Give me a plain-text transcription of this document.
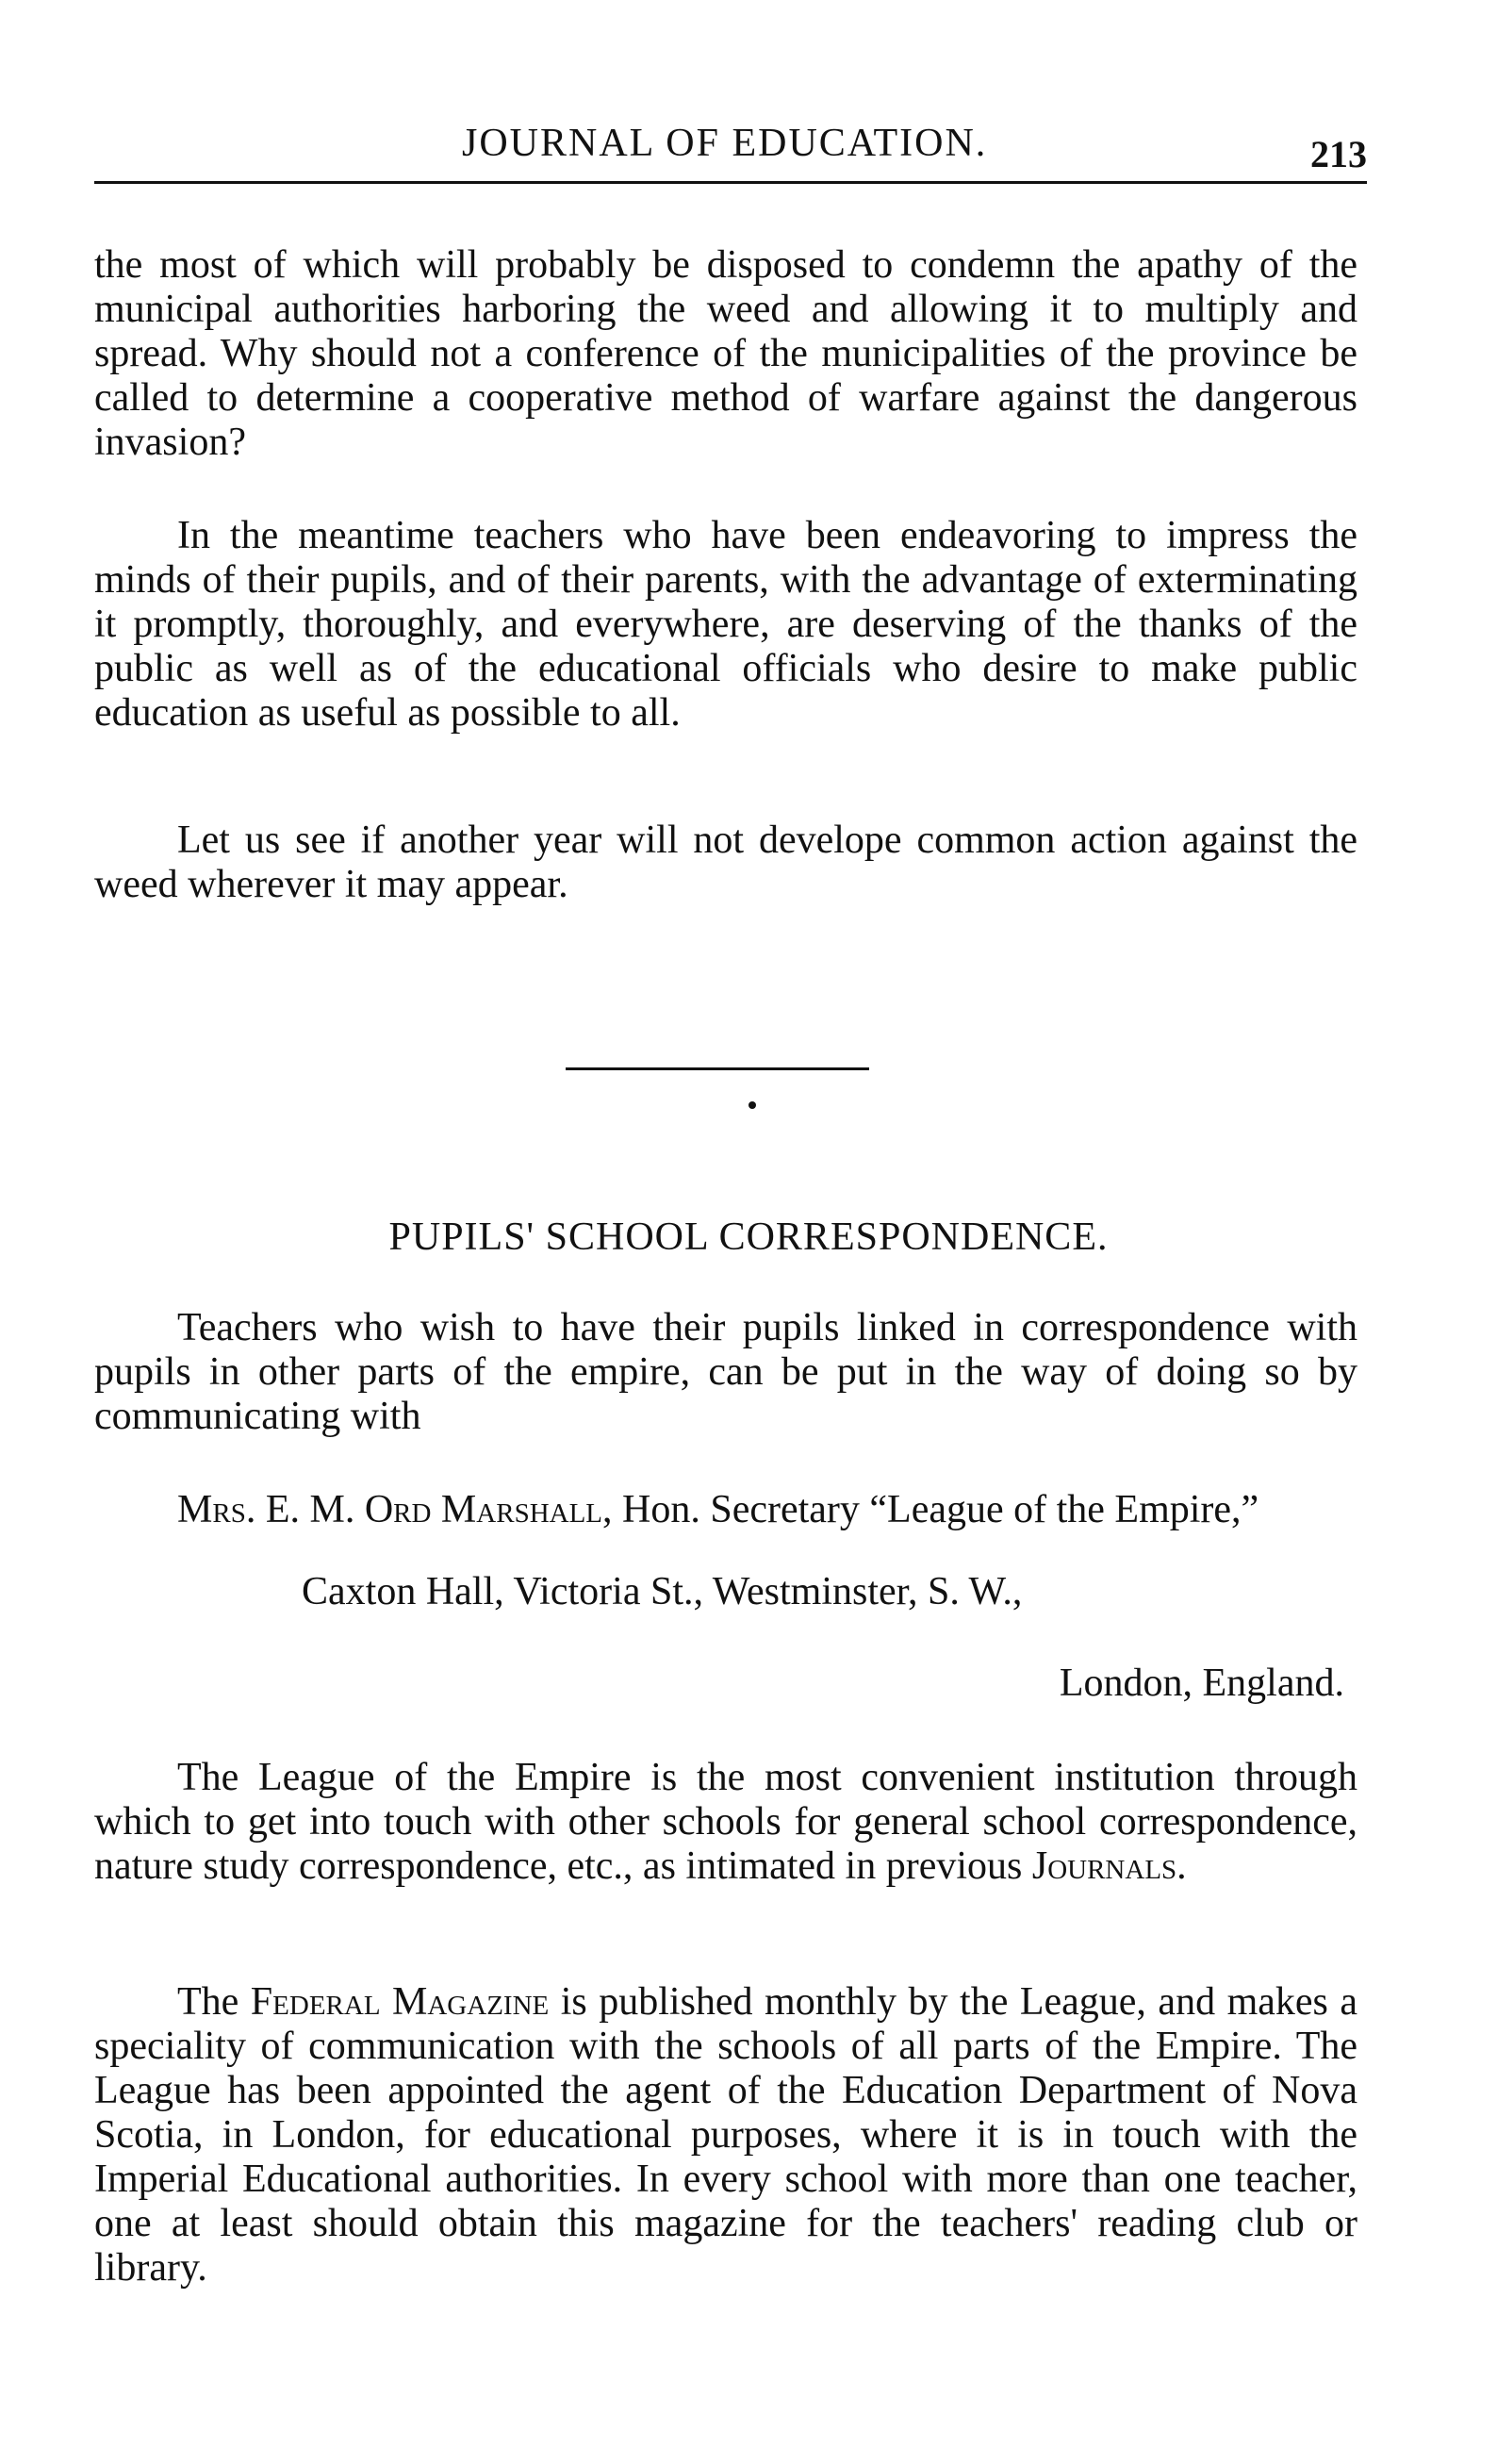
JOURNAL OF EDUCATION.	213

the most of which will probably be disposed to condemn the apathy of the municipal authorities harboring the weed and allowing it to multiply and spread. Why should not a conference of the municipalities of the province be called to determine a cooperative method of warfare against the dangerous invasion?

In the meantime teachers who have been endeavoring to impress the minds of their pupils, and of their parents, with the advantage of exterminating it promptly, thoroughly, and everywhere, are deserving of the thanks of the public as well as of the educational officials who desire to make public education as useful as possible to all.

Let us see if another year will not develope common action against the weed wherever it may appear.

PUPILS' SCHOOL CORRESPONDENCE.

Teachers who wish to have their pupils linked in correspondence with pupils in other parts of the empire, can be put in the way of doing so by communicating with

Mrs. E. M. Ord Marshall, Hon. Secretary “League of the Empire,”

Caxton Hall, Victoria St., Westminster, S. W.,
London, England.

The League of the Empire is the most convenient institution through which to get into touch with other schools for general school correspondence, nature study correspondence, etc., as intimated in previous Journals.

The Federal Magazine is published monthly by the League, and makes a speciality of communication with the schools of all parts of the Empire. The League has been appointed the agent of the Education Department of Nova Scotia, in London, for educational purposes, where it is in touch with the Imperial Educational authorities. In every school with more than one teacher, one at least should obtain this magazine for the teachers' reading club or library.
